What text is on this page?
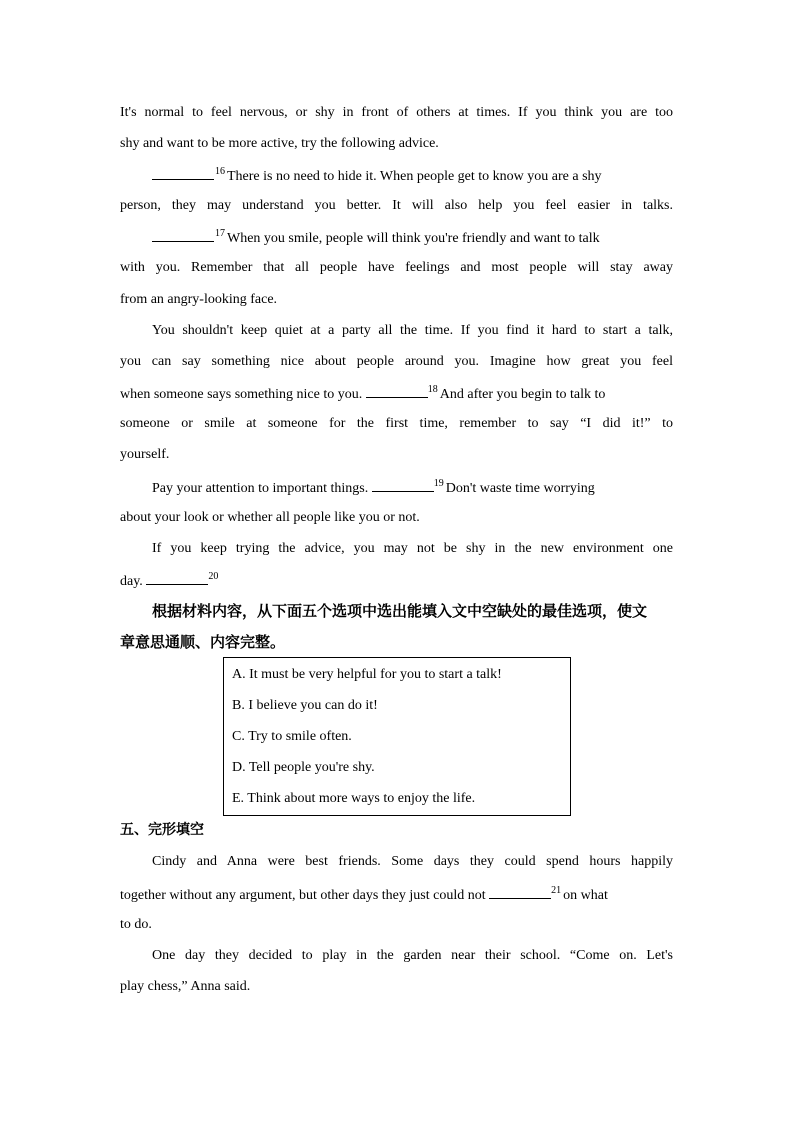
It's normal to feel nervous, or shy in front of others at times. If you think you are too
shy and want to be more active, try the following advice.
$^{16}$ There is no need to hide it. When people get to know you are a shy
person, they may understand you better. It will also help you feel easier in talks.
$^{17}$ When you smile, people will think you're friendly and want to talk
with you. Remember that all people have feelings and most people will stay away
from an angry-looking face.
You shouldn't keep quiet at a party all the time. If you find it hard to start a talk,
you can say something nice about people around you. Imagine how great you feel
when someone says something nice to you.	$^{18}$ And after you begin to talk to
someone or smile at someone for the first time, remember to say “I did it!” to
yourself.
Pay your attention to important things.	$^{19}$ Don't waste time worrying
about your look or whether all people like you or not.
If you keep trying the advice, you may not be shy in the new environment one
day.	$^{20}$
根据材料内容，从下面五个选项中选出能填入文中空缺处的最佳选项，使文
章意思通顺、内容完整。
A. It must be very helpful for you to start a talk!
B. I believe you can do it!
C. Try to smile often.
D. Tell people you're shy.
E. Think about more ways to enjoy the life.
五、完形填空
Cindy and Anna were best friends. Some days they could spend hours happily
together without any argument, but other days they just could not	$^{21}$ on what
to do.
One day they decided to play in the garden near their school. “Come on. Let's
play chess,” Anna said.
